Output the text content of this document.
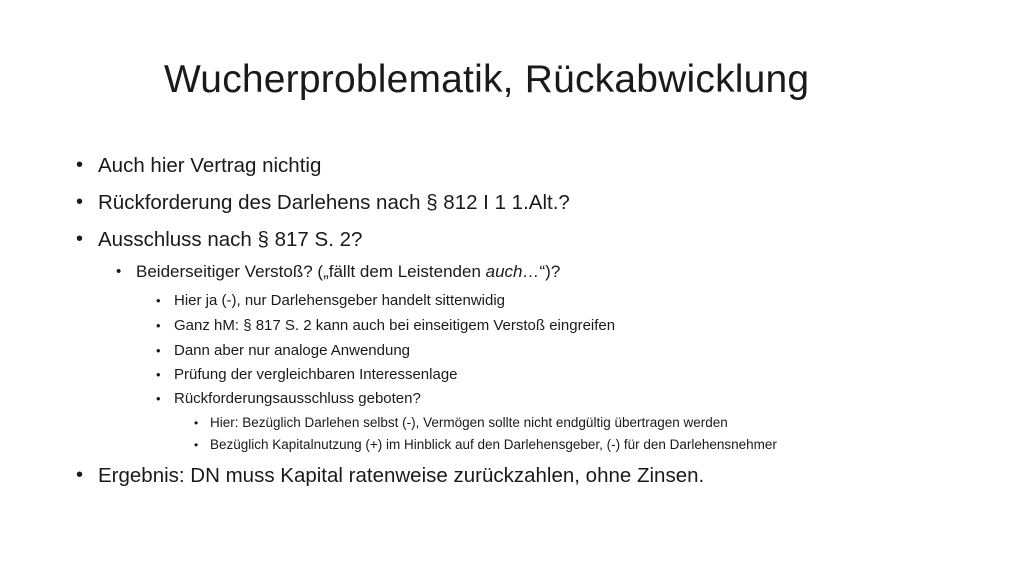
Wucherproblematik, Rückabwicklung
• Auch hier Vertrag nichtig
• Rückforderung des Darlehens nach § 812 I 1 1.Alt.?
• Ausschluss nach § 817 S. 2?
• Beiderseitiger Verstoß? („fällt dem Leistenden auch…“)?
• Hier ja (-), nur Darlehensgeber handelt sittenwidig
• Ganz hM: § 817 S. 2 kann auch bei einseitigem Verstoß eingreifen
• Dann aber nur analoge Anwendung
• Prüfung der vergleichbaren Interessenlage
• Rückforderungsausschluss geboten?
• Hier: Bezüglich Darlehen selbst (-), Vermögen sollte nicht endgültig übertragen werden
• Bezüglich Kapitalnutzung (+) im Hinblick auf den Darlehensgeber, (-) für den Darlehensnehmer
• Ergebnis: DN muss Kapital ratenweise zurückzahlen, ohne Zinsen.
